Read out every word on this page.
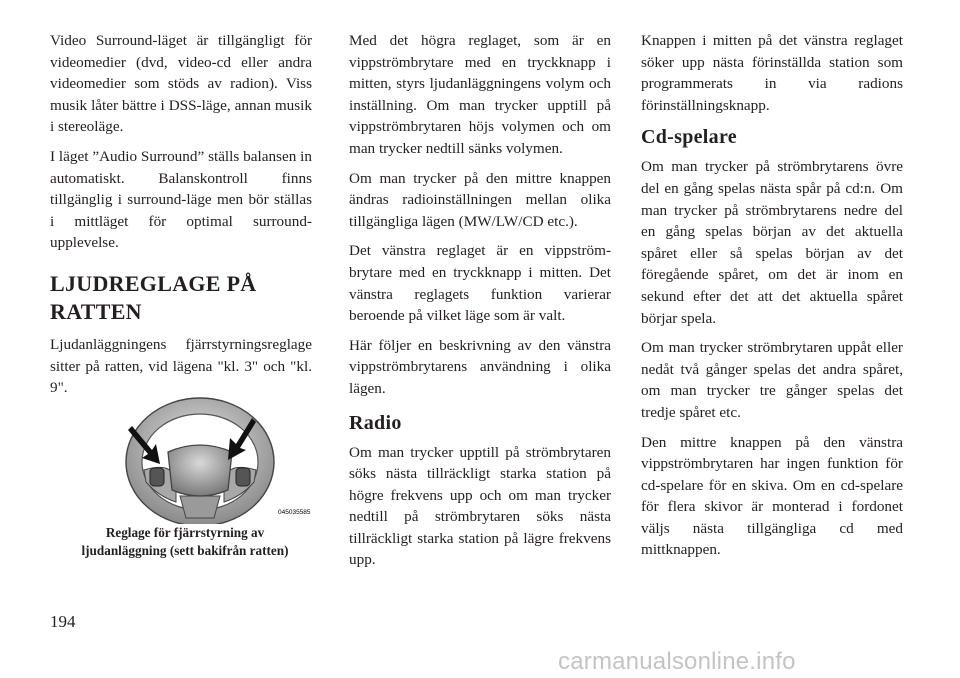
Video Surround-läget är tillgängligt för videomedier (dvd, video-cd eller andra videomedier som stöds av radion). Viss musik låter bättre i DSS-läge, annan musik i stereoläge.

I läget ”Audio Surround” ställs balansen in automatiskt. Balanskontroll finns tillgänglig i surround-läge men bör ställas i mittläget för optimal surround-upplevelse.

LJUDREGLAGE PÅ
RATTEN

Ljudanläggningens fjärrstyrningsreglage sitter på ratten, vid lägena "kl. 3" och "kl. 9".

045035585
Reglage för fjärrstyrning av
ljudanläggning (sett bakifrån ratten)

Med det högra reglaget, som är en vippströmbrytare med en tryckknapp i mitten, styrs ljudanläggningens volym och inställning. Om man trycker upptill på vippströmbrytaren höjs volymen och om man trycker nedtill sänks volymen.

Om man trycker på den mittre knappen ändras radioinställningen mellan olika tillgängliga lägen (MW/LW/CD etc.).

Det vänstra reglaget är en vippströmbrytare med en tryckknapp i mitten. Det vänstra reglagets funktion varierar beroende på vilket läge som är valt.

Här följer en beskrivning av den vänstra vippströmbrytarens användning i olika lägen.

Radio

Om man trycker upptill på strömbrytaren söks nästa tillräckligt starka station på högre frekvens upp och om man trycker nedtill på strömbrytaren söks nästa tillräckligt starka station på lägre frekvens upp.

Knappen i mitten på det vänstra reglaget söker upp nästa förinställda station som programmerats in via radions förinställningsknapp.

Cd-spelare

Om man trycker på strömbrytarens övre del en gång spelas nästa spår på cd:n. Om man trycker på strömbrytarens nedre del en gång spelas början av det aktuella spåret eller så spelas början av det föregående spåret, om det är inom en sekund efter det att det aktuella spåret börjar spela.

Om man trycker strömbrytaren uppåt eller nedåt två gånger spelas det andra spåret, om man trycker tre gånger spelas det tredje spåret etc.

Den mittre knappen på den vänstra vippströmbrytaren har ingen funktion för cd-spelare för en skiva. Om en cd-spelare för flera skivor är monterad i fordonet väljs nästa tillgängliga cd med mittknappen.

194
carmanualsonline.info
